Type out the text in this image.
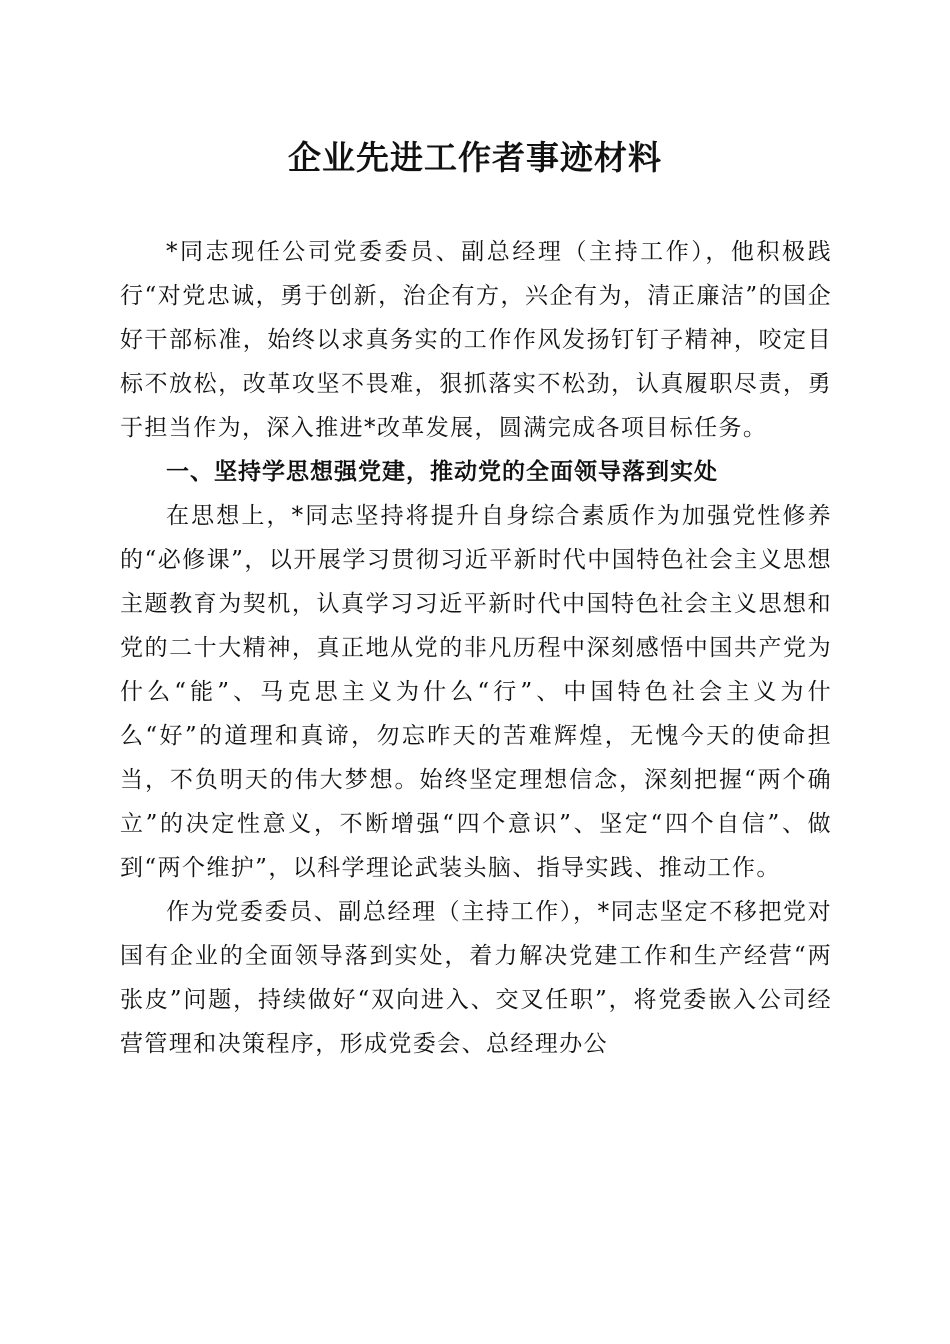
企业先进工作者事迹材料

*同志现任公司党委委员、副总经理（主持工作），他积极践行“对党忠诚，勇于创新，治企有方，兴企有为，清正廉洁”的国企好干部标准，始终以求真务实的工作作风发扬钉钉子精神，咬定目标不放松，改革攻坚不畏难，狠抓落实不松劲，认真履职尽责，勇于担当作为，深入推进*改革发展，圆满完成各项目标任务。

一、坚持学思想强党建，推动党的全面领导落到实处

在思想上，*同志坚持将提升自身综合素质作为加强党性修养的“必修课”，以开展学习贯彻习近平新时代中国特色社会主义思想主题教育为契机，认真学习习近平新时代中国特色社会主义思想和党的二十大精神，真正地从党的非凡历程中深刻感悟中国共产党为什么“能”、马克思主义为什么“行”、中国特色社会主义为什么“好”的道理和真谛，勿忘昨天的苦难辉煌，无愧今天的使命担当，不负明天的伟大梦想。始终坚定理想信念，深刻把握“两个确立”的决定性意义，不断增强“四个意识”、坚定“四个自信”、做到“两个维护”，以科学理论武装头脑、指导实践、推动工作。

作为党委委员、副总经理（主持工作），*同志坚定不移把党对国有企业的全面领导落到实处，着力解决党建工作和生产经营“两张皮”问题，持续做好“双向进入、交叉任职”，将党委嵌入公司经营管理和决策程序，形成党委会、总经理办公
